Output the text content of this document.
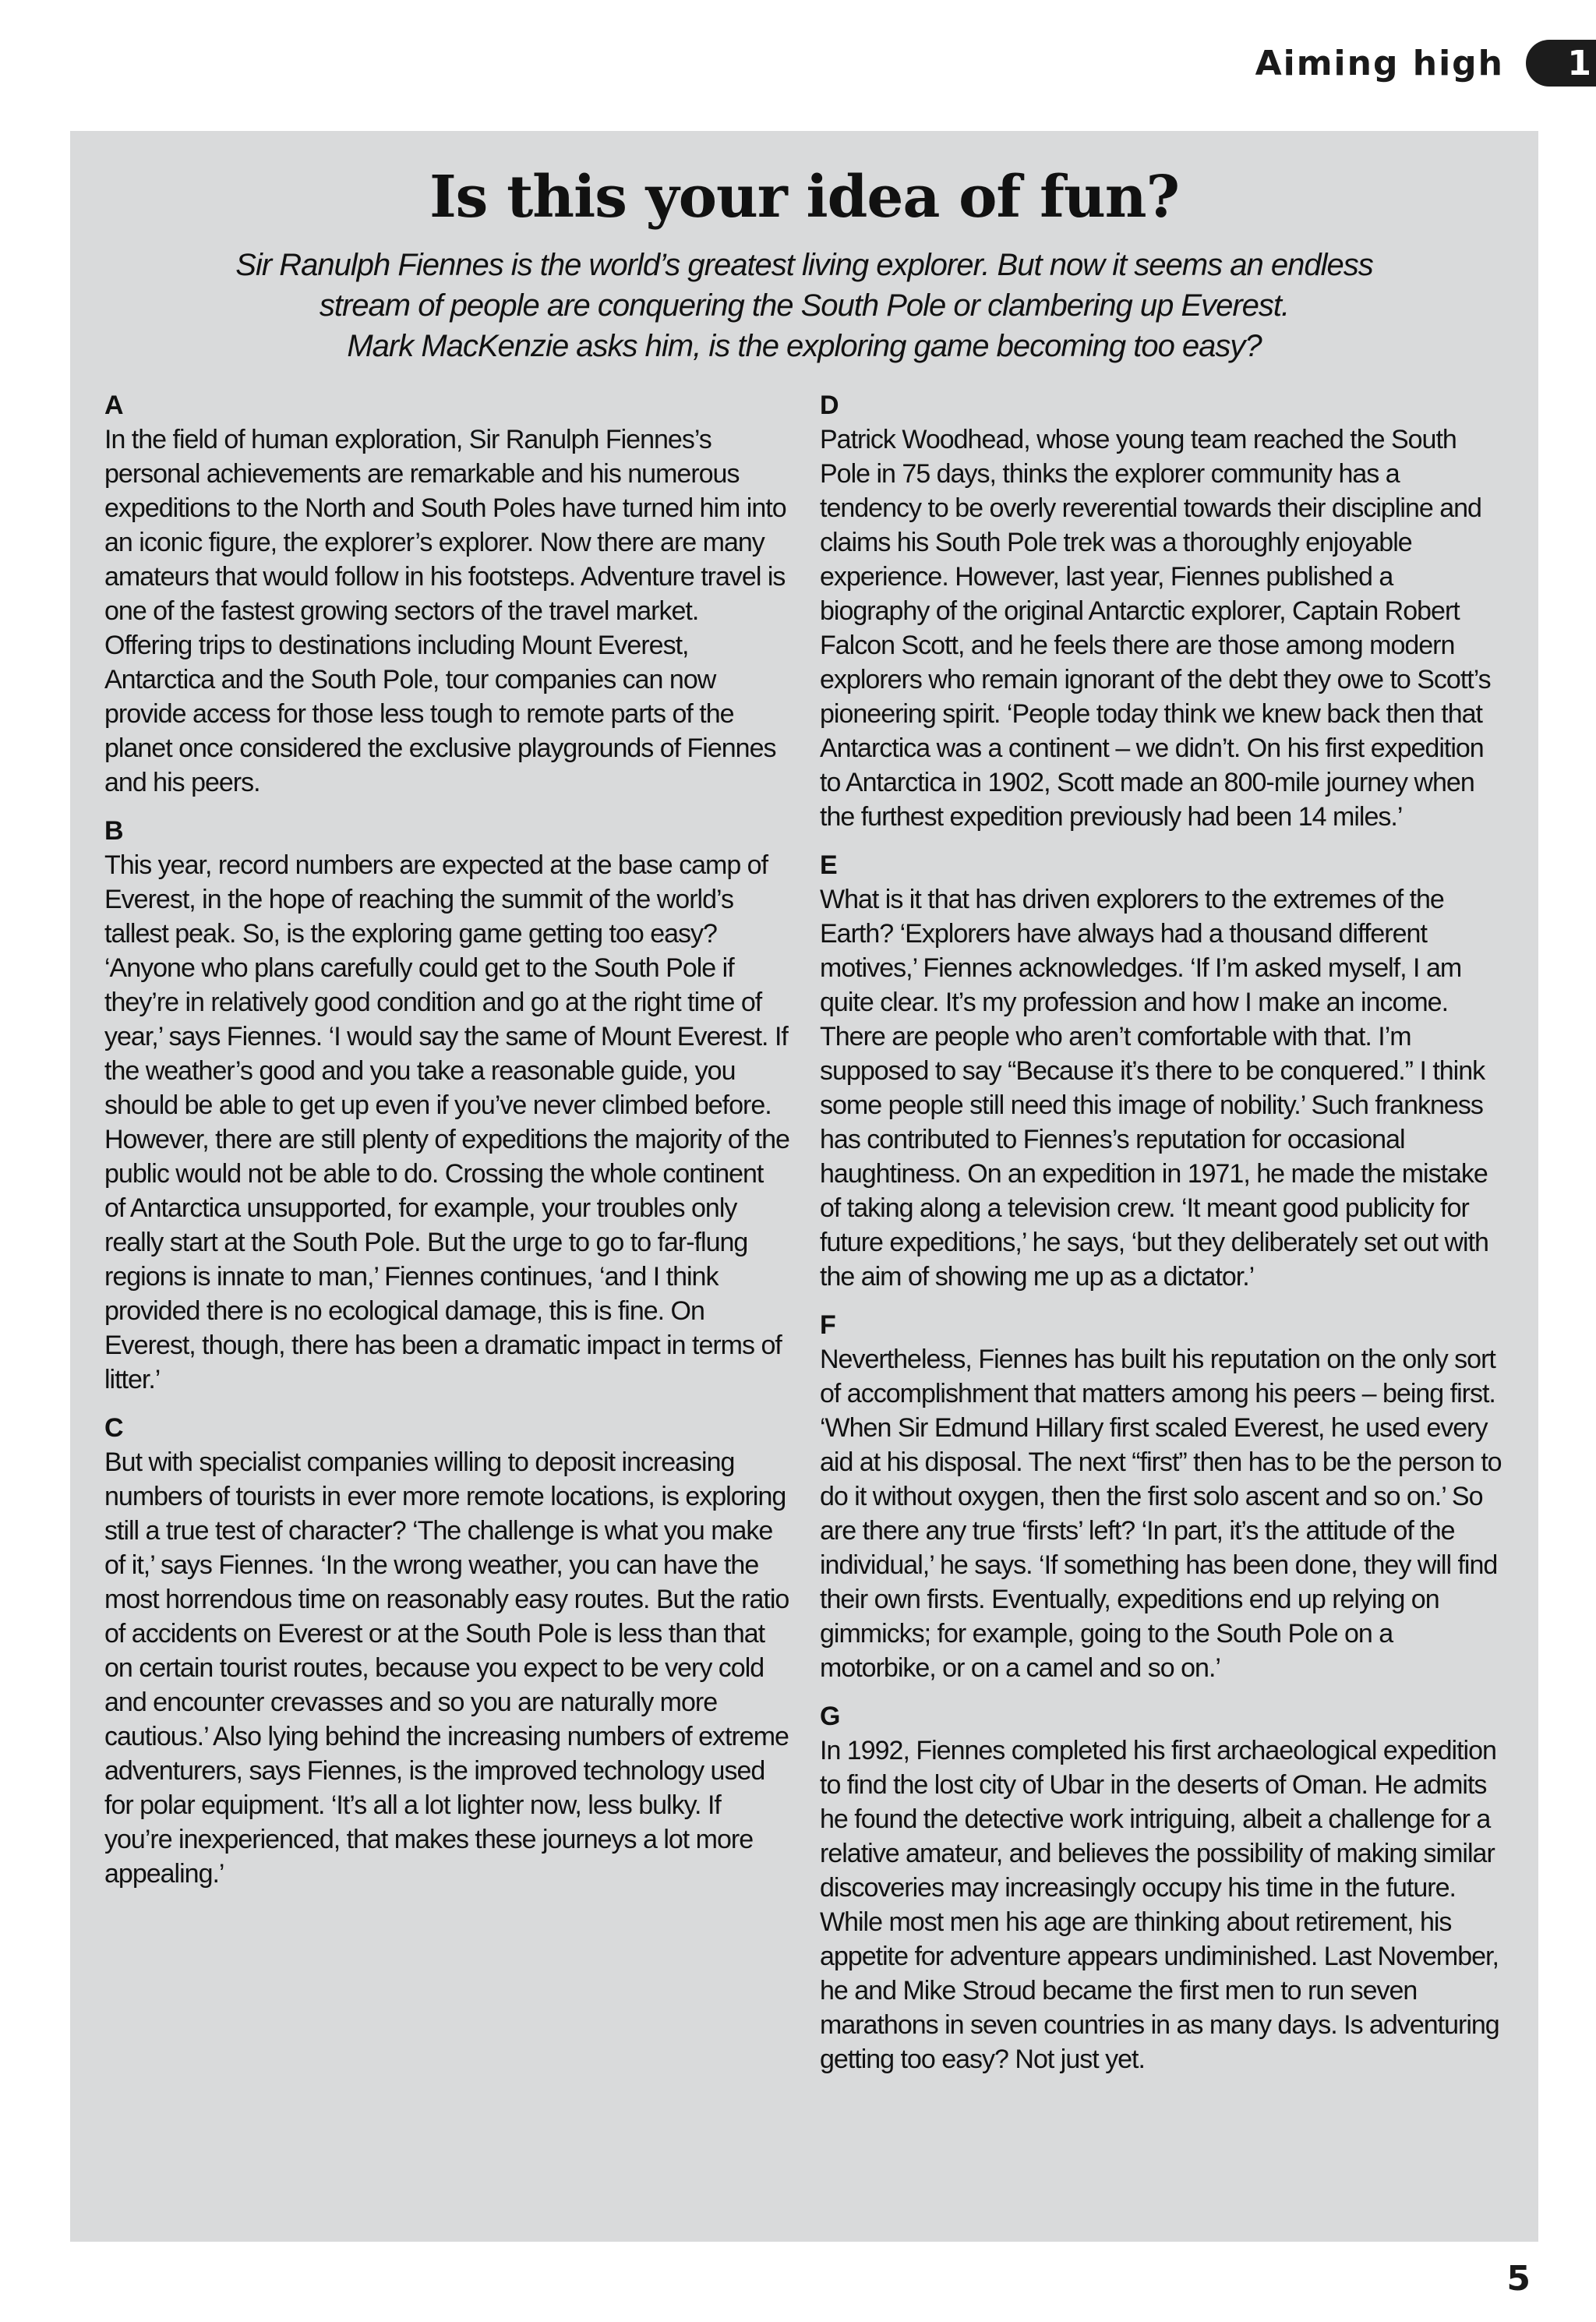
Aiming high	1
Is this your idea of fun?

Sir Ranulph Fiennes is the world’s greatest living explorer. But now it seems an endless
stream of people are conquering the South Pole or clambering up Everest.
Mark MacKenzie asks him, is the exploring game becoming too easy?

A
In the field of human exploration, Sir Ranulph Fiennes’s personal achievements are remarkable and his numerous expeditions to the North and South Poles have turned him into an iconic figure, the explorer’s explorer. Now there are many amateurs that would follow in his footsteps. Adventure travel is one of the fastest growing sectors of the travel market. Offering trips to destinations including Mount Everest, Antarctica and the South Pole, tour companies can now provide access for those less tough to remote parts of the planet once considered the exclusive playgrounds of Fiennes and his peers.
B
This year, record numbers are expected at the base camp of Everest, in the hope of reaching the summit of the world’s tallest peak. So, is the exploring game getting too easy? ‘Anyone who plans carefully could get to the South Pole if they’re in relatively good condition and go at the right time of year,’ says Fiennes. ‘I would say the same of Mount Everest. If the weather’s good and you take a reasonable guide, you should be able to get up even if you’ve never climbed before. However, there are still plenty of expeditions the majority of the public would not be able to do. Crossing the whole continent of Antarctica unsupported, for example, your troubles only really start at the South Pole. But the urge to go to far-flung regions is innate to man,’ Fiennes continues, ‘and I think provided there is no ecological damage, this is fine. On Everest, though, there has been a dramatic impact in terms of litter.’
C
But with specialist companies willing to deposit increasing numbers of tourists in ever more remote locations, is exploring still a true test of character? ‘The challenge is what you make of it,’ says Fiennes. ‘In the wrong weather, you can have the most horrendous time on reasonably easy routes. But the ratio of accidents on Everest or at the South Pole is less than that on certain tourist routes, because you expect to be very cold and encounter crevasses and so you are naturally more cautious.’ Also lying behind the increasing numbers of extreme adventurers, says Fiennes, is the improved technology used for polar equipment. ‘It’s all a lot lighter now, less bulky. If you’re inexperienced, that makes these journeys a lot more appealing.’
D
Patrick Woodhead, whose young team reached the South Pole in 75 days, thinks the explorer community has a tendency to be overly reverential towards their discipline and claims his South Pole trek was a thoroughly enjoyable experience. However, last year, Fiennes published a biography of the original Antarctic explorer, Captain Robert Falcon Scott, and he feels there are those among modern explorers who remain ignorant of the debt they owe to Scott’s pioneering spirit. ‘People today think we knew back then that Antarctica was a continent – we didn’t. On his first expedition to Antarctica in 1902, Scott made an 800-mile journey when the furthest expedition previously had been 14 miles.’
E
What is it that has driven explorers to the extremes of the Earth? ‘Explorers have always had a thousand different motives,’ Fiennes acknowledges. ‘If I’m asked myself, I am quite clear. It’s my profession and how I make an income. There are people who aren’t comfortable with that. I’m supposed to say “Because it’s there to be conquered.” I think some people still need this image of nobility.’ Such frankness has contributed to Fiennes’s reputation for occasional haughtiness. On an expedition in 1971, he made the mistake of taking along a television crew. ‘It meant good publicity for future expeditions,’ he says, ‘but they deliberately set out with the aim of showing me up as a dictator.’
F
Nevertheless, Fiennes has built his reputation on the only sort of accomplishment that matters among his peers – being first. ‘When Sir Edmund Hillary first scaled Everest, he used every aid at his disposal. The next “first” then has to be the person to do it without oxygen, then the first solo ascent and so on.’ So are there any true ‘firsts’ left? ‘In part, it’s the attitude of the individual,’ he says. ‘If something has been done, they will find their own firsts. Eventually, expeditions end up relying on gimmicks; for example, going to the South Pole on a motorbike, or on a camel and so on.’
G
In 1992, Fiennes completed his first archaeological expedition to find the lost city of Ubar in the deserts of Oman. He admits he found the detective work intriguing, albeit a challenge for a relative amateur, and believes the possibility of making similar discoveries may increasingly occupy his time in the future. While most men his age are thinking about retirement, his appetite for adventure appears undiminished. Last November, he and Mike Stroud became the first men to run seven marathons in seven countries in as many days. Is adventuring getting too easy? Not just yet.
5
